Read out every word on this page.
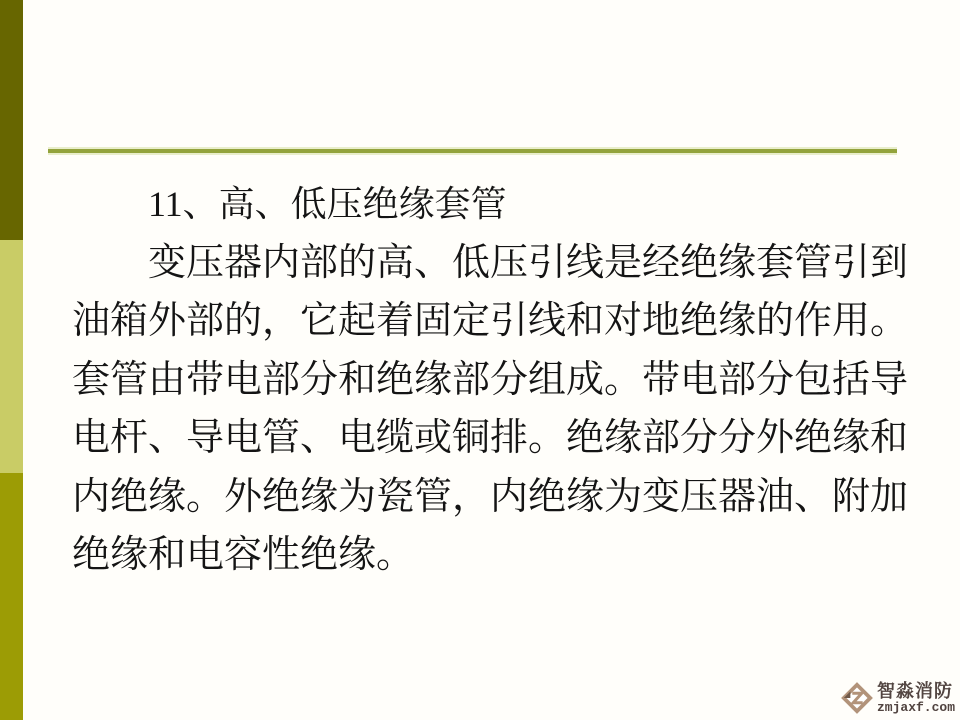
11、高、低压绝缘套管
变压器内部的高、低压引线是经绝缘套管引到
油箱外部的，它起着固定引线和对地绝缘的作用。
套管由带电部分和绝缘部分组成。带电部分包括导
电杆、导电管、电缆或铜排。绝缘部分分外绝缘和
内绝缘。外绝缘为瓷管，内绝缘为变压器油、附加
绝缘和电容性绝缘。
智淼消防
zmjaxf.com
